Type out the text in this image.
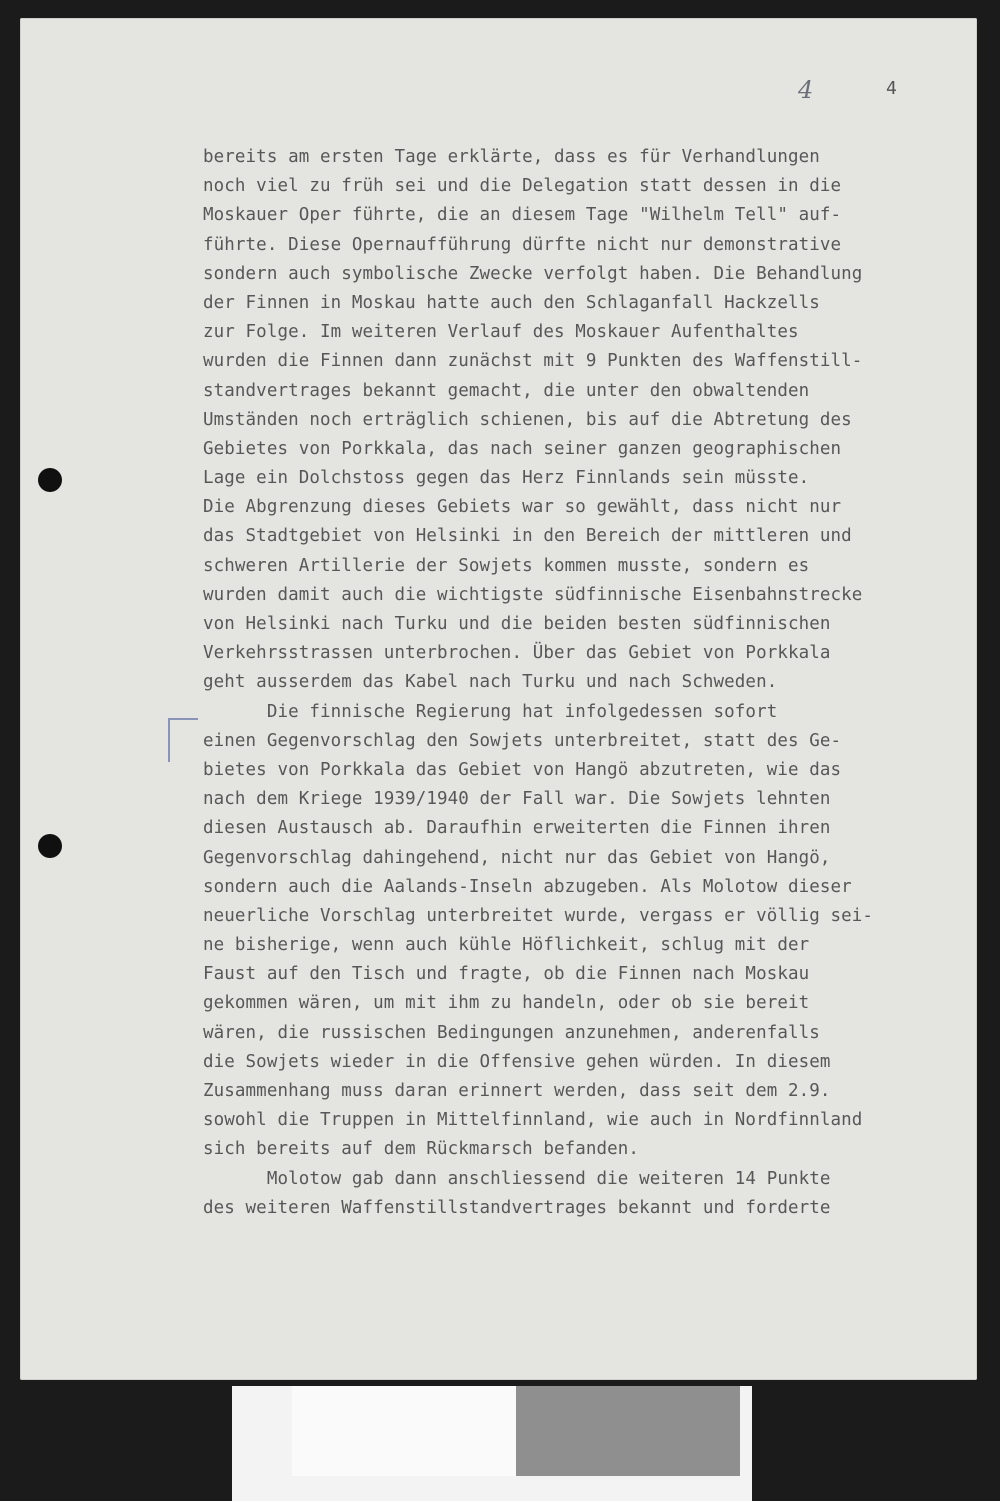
4	4
bereits am ersten Tage erklärte, dass es für Verhandlungen
noch viel zu früh sei und die Delegation statt dessen in die
Moskauer Oper führte, die an diesem Tage "Wilhelm Tell" auf-
führte. Diese Opernaufführung dürfte nicht nur demonstrative
sondern auch symbolische Zwecke verfolgt haben. Die Behandlung
der Finnen in Moskau hatte auch den Schlaganfall Hackzells
zur Folge. Im weiteren Verlauf des Moskauer Aufenthaltes
wurden die Finnen dann zunächst mit 9 Punkten des Waffenstill-
standvertrages bekannt gemacht, die unter den obwaltenden
Umständen noch erträglich schienen, bis auf die Abtretung des
Gebietes von Porkkala, das nach seiner ganzen geographischen
Lage ein Dolchstoss gegen das Herz Finnlands sein müsste.
Die Abgrenzung dieses Gebiets war so gewählt, dass nicht nur
das Stadtgebiet von Helsinki in den Bereich der mittleren und
schweren Artillerie der Sowjets kommen musste, sondern es
wurden damit auch die wichtigste südfinnische Eisenbahnstrecke
von Helsinki nach Turku und die beiden besten südfinnischen
Verkehrsstrassen unterbrochen. Über das Gebiet von Porkkala
geht ausserdem das Kabel nach Turku und nach Schweden.
Die finnische Regierung hat infolgedessen sofort
einen Gegenvorschlag den Sowjets unterbreitet, statt des Ge-
bietes von Porkkala das Gebiet von Hangö abzutreten, wie das
nach dem Kriege 1939/1940 der Fall war. Die Sowjets lehnten
diesen Austausch ab. Daraufhin erweiterten die Finnen ihren
Gegenvorschlag dahingehend, nicht nur das Gebiet von Hangö,
sondern auch die Aalands-Inseln abzugeben. Als Molotow dieser
neuerliche Vorschlag unterbreitet wurde, vergass er völlig sei-
ne bisherige, wenn auch kühle Höflichkeit, schlug mit der
Faust auf den Tisch und fragte, ob die Finnen nach Moskau
gekommen wären, um mit ihm zu handeln, oder ob sie bereit
wären, die russischen Bedingungen anzunehmen, anderenfalls
die Sowjets wieder in die Offensive gehen würden. In diesem
Zusammenhang muss daran erinnert werden, dass seit dem 2.9.
sowohl die Truppen in Mittelfinnland, wie auch in Nordfinnland
sich bereits auf dem Rückmarsch befanden.
Molotow gab dann anschliessend die weiteren 14 Punkte
des weiteren Waffenstillstandvertrages bekannt und forderte
